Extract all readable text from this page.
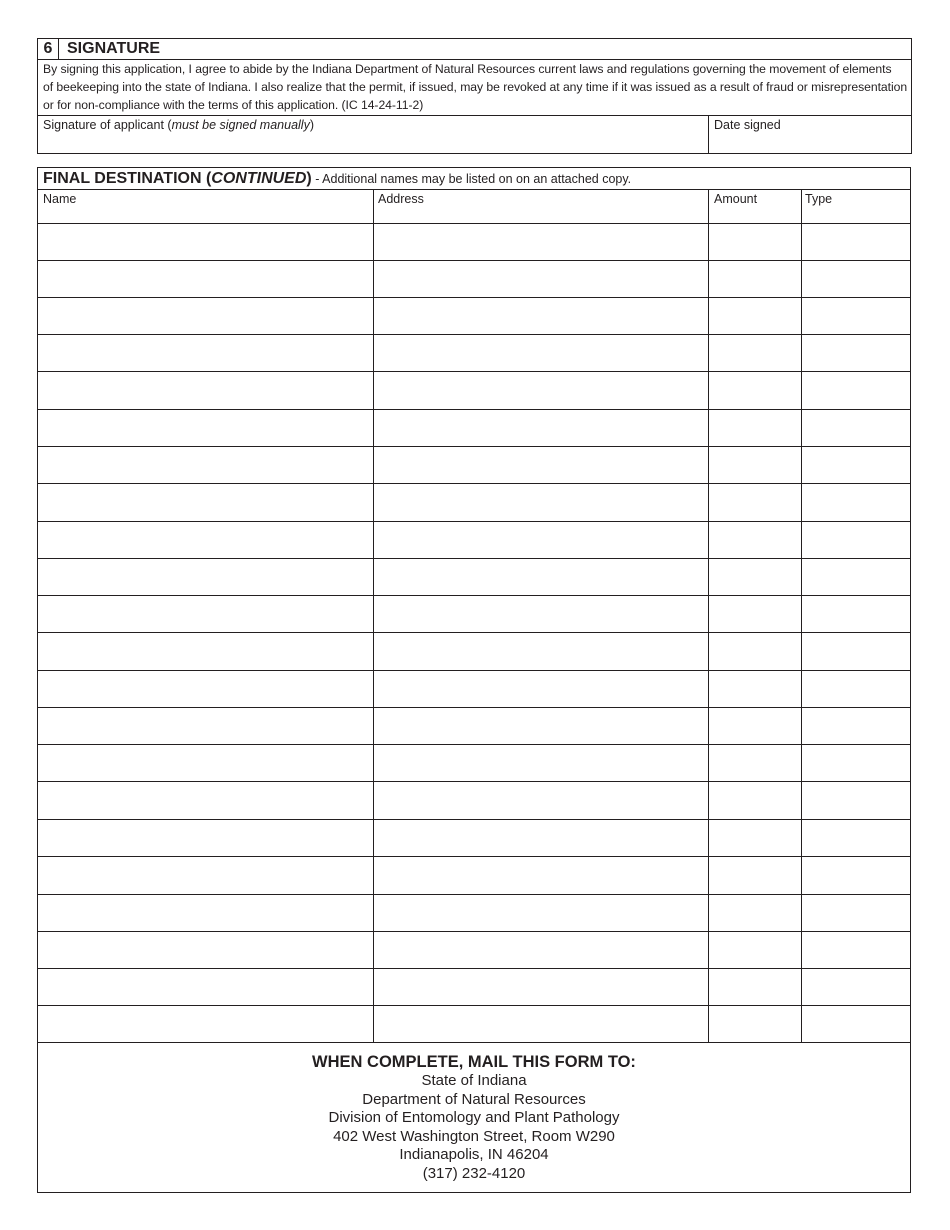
6 SIGNATURE
By signing this application, I agree to abide by the Indiana Department of Natural Resources current laws and regulations governing the movement of elements
of beekeeping into the state of Indiana. I also realize that the permit, if issued, may be revoked at any time if it was issued as a result of fraud or misrepresentation
or for non-compliance with the terms of this application. (IC 14-24-11-2)
Signature of applicant (must be signed manually)	Date signed
FINAL DESTINATION (CONTINUED) - Additional names may be listed on on an attached copy.
Name	Address	Amount	Type
WHEN COMPLETE, MAIL THIS FORM TO:
State of Indiana
Department of Natural Resources
Division of Entomology and Plant Pathology
402 West Washington Street, Room W290
Indianapolis, IN 46204
(317) 232-4120
